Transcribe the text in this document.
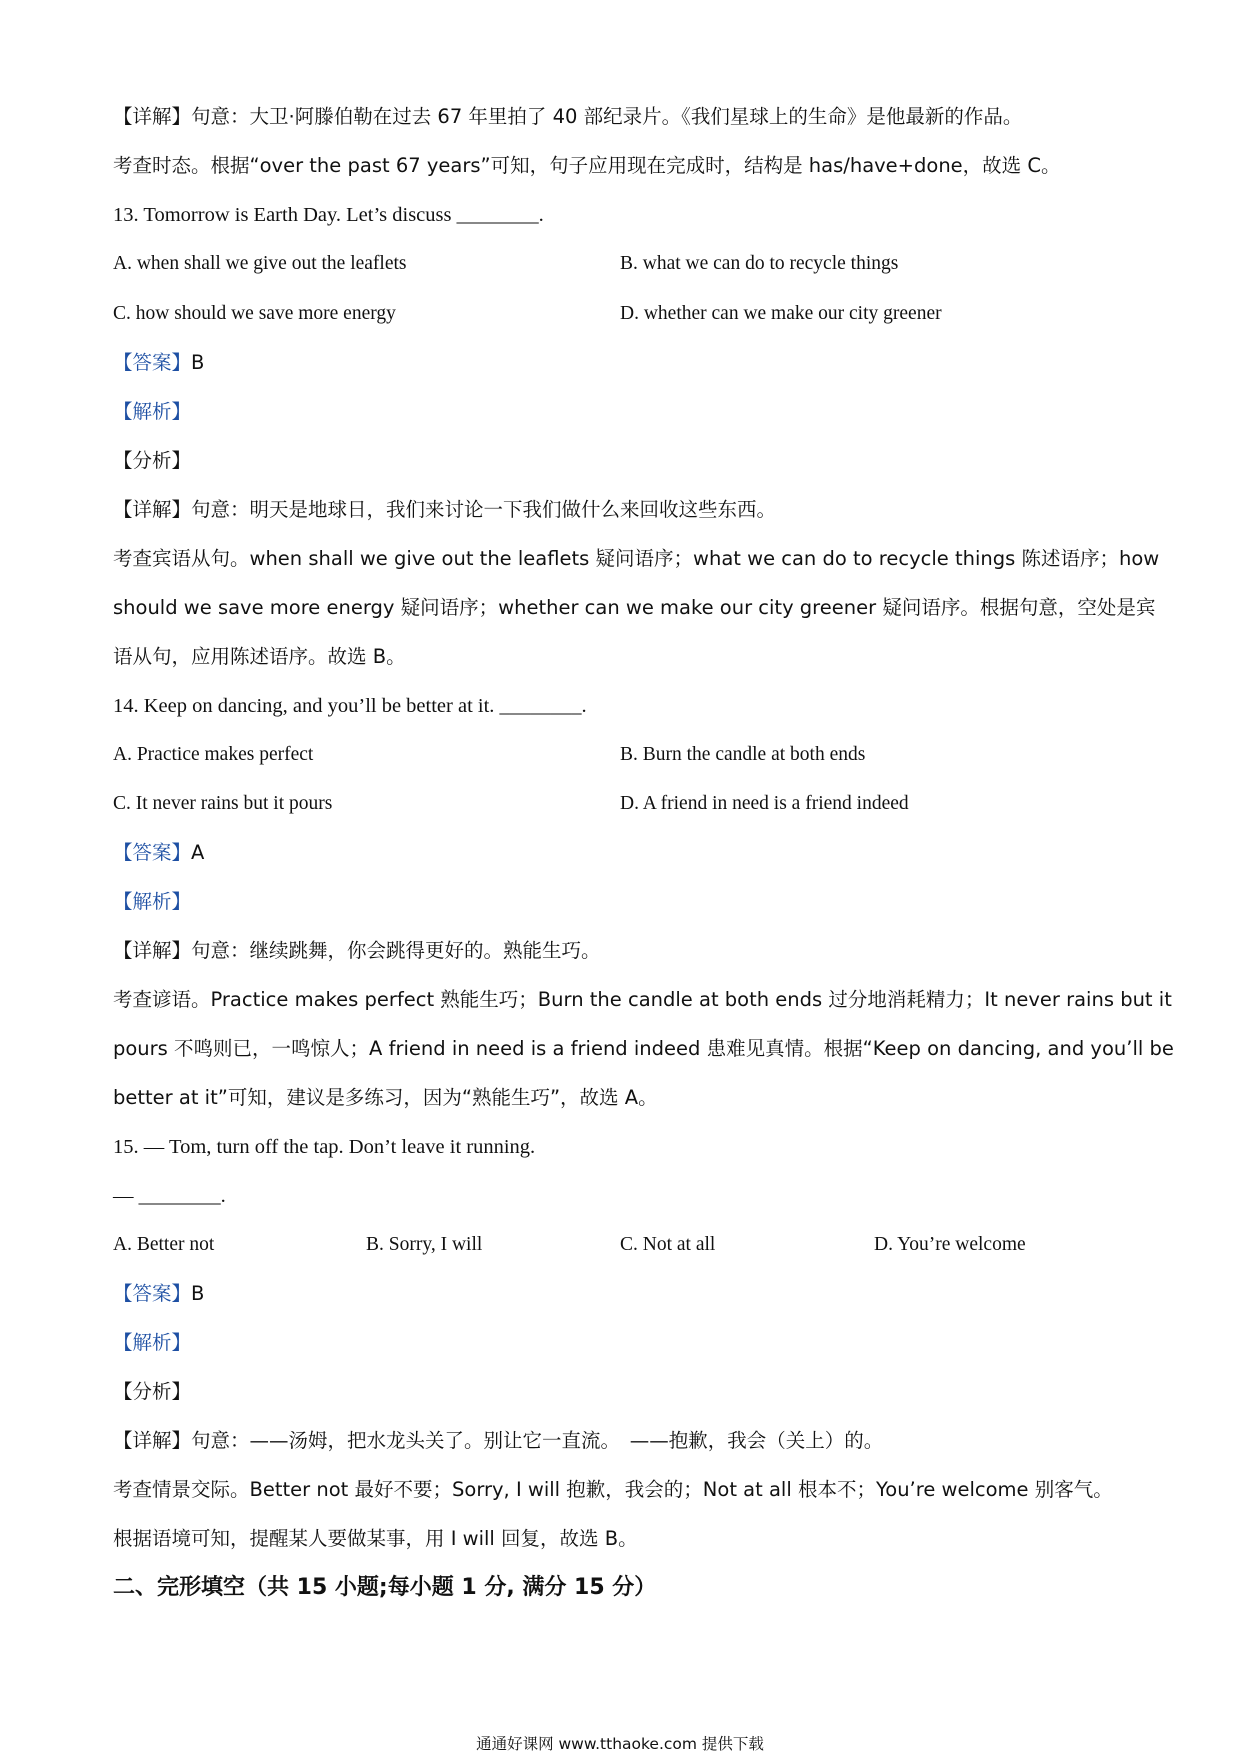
【详解】句意：大卫·阿滕伯勒在过去 67 年里拍了 40 部纪录片。《我们星球上的生命》是他最新的作品。
考查时态。根据“over the past 67 years”可知，句子应用现在完成时，结构是 has/have+done，故选 C。
13. Tomorrow is Earth Day. Let’s discuss ________.
A. when shall we give out the leaflets	B. what we can do to recycle things
C. how should we save more energy	D. whether can we make our city greener
【答案】B
【解析】
【分析】
【详解】句意：明天是地球日，我们来讨论一下我们做什么来回收这些东西。
考查宾语从句。when shall we give out the leaflets 疑问语序；what we can do to recycle things 陈述语序；how
should we save more energy 疑问语序；whether can we make our city greener 疑问语序。根据句意，空处是宾
语从句，应用陈述语序。故选 B。
14. Keep on dancing, and you’ll be better at it. ________.
A. Practice makes perfect	B. Burn the candle at both ends
C. It never rains but it pours	D. A friend in need is a friend indeed
【答案】A
【解析】
【详解】句意：继续跳舞，你会跳得更好的。熟能生巧。
考查谚语。Practice makes perfect 熟能生巧；Burn the candle at both ends 过分地消耗精力；It never rains but it
pours 不鸣则已，一鸣惊人；A friend in need is a friend indeed 患难见真情。根据“Keep on dancing, and you’ll be
better at it”可知，建议是多练习，因为“熟能生巧”，故选 A。
15. — Tom, turn off the tap. Don’t leave it running.
— ________.
A. Better not	B. Sorry, I will	C. Not at all	D. You’re welcome
【答案】B
【解析】
【分析】
【详解】句意：——汤姆，把水龙头关了。别让它一直流。　——抱歉，我会（关上）的。
考查情景交际。Better not 最好不要；Sorry, I will 抱歉，我会的；Not at all 根本不；You’re welcome 别客气。
根据语境可知，提醒某人要做某事，用 I will 回复，故选 B。
二、完形填空（共 15 小题;每小题 1 分, 满分 15 分）
通通好课网 www.tthaoke.com 提供下载
